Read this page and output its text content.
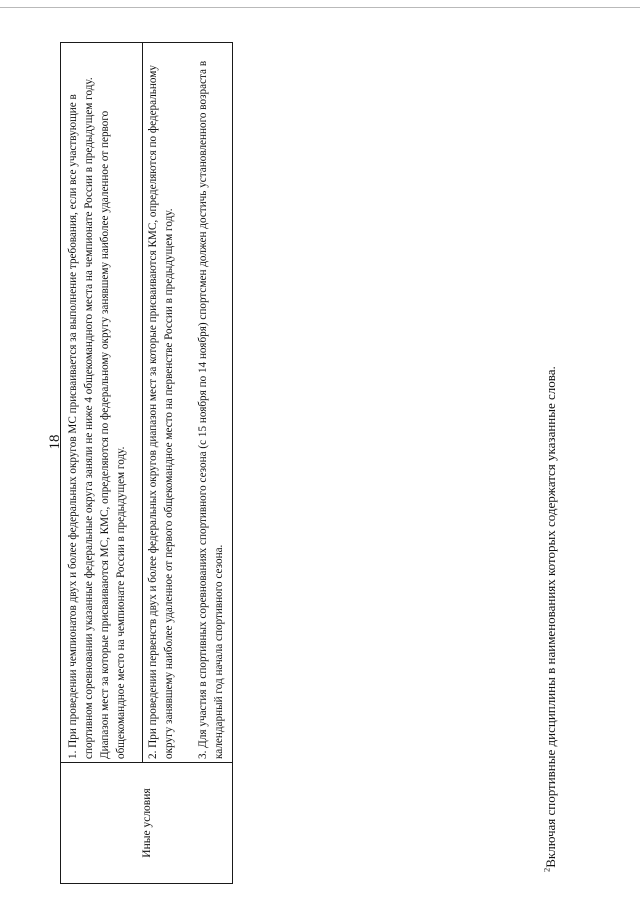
18
Иные условия
1. При проведении чемпионатов двух и более федеральных округов МС присваивается за выполнение требования, если все участвующие в спортивном соревновании указанные федеральные округа заняли не ниже 4 общекомандного места на чемпионате России в предыдущем году. Диапазон мест за которые присваиваются МС, КМС, определяются по федеральному округу занявшему наиболее удаленное от первого общекомандное место на чемпионате России в предыдущем году. 2. При проведении первенств двух и более федеральных округов диапазон мест за которые присваиваются КМС, определяются по федеральному округу занявшему наиболее удаленное от первого общекомандное место на первенстве России в предыдущем году. 3. Для участия в спортивных соревнованиях спортивного сезона (с 15 ноября по 14 ноября) спортсмен должен достичь установленного возраста в календарный год начала спортивного сезона.
$^2$Включая спортивные дисциплины в наименованиях которых содержатся указанные слова.
